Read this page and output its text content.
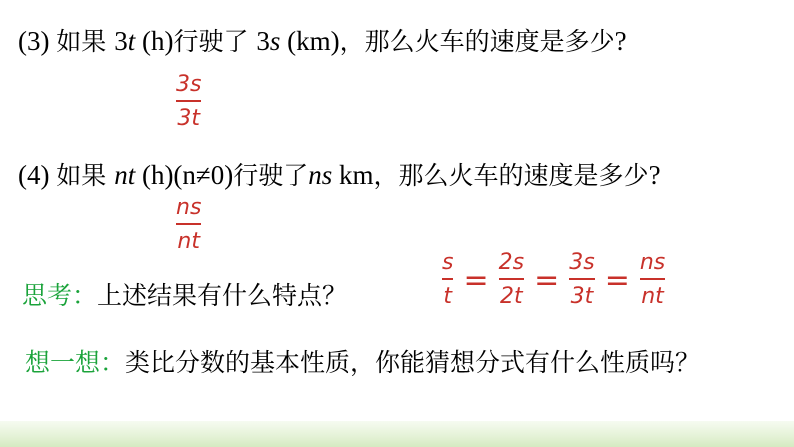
(3) 如果 3t (h)行驶了 3s (km)，那么火车的速度是多少?
3s
3t
(4) 如果 nt (h)(n≠0)行驶了ns km，那么火车的速度是多少?
ns
nt
思考：上述结果有什么特点？	$\frac{s}{t} = \frac{2s}{2t} = \frac{3s}{3t} = \frac{ns}{nt}$
想一想：类比分数的基本性质，你能猜想分式有什么性质吗？
